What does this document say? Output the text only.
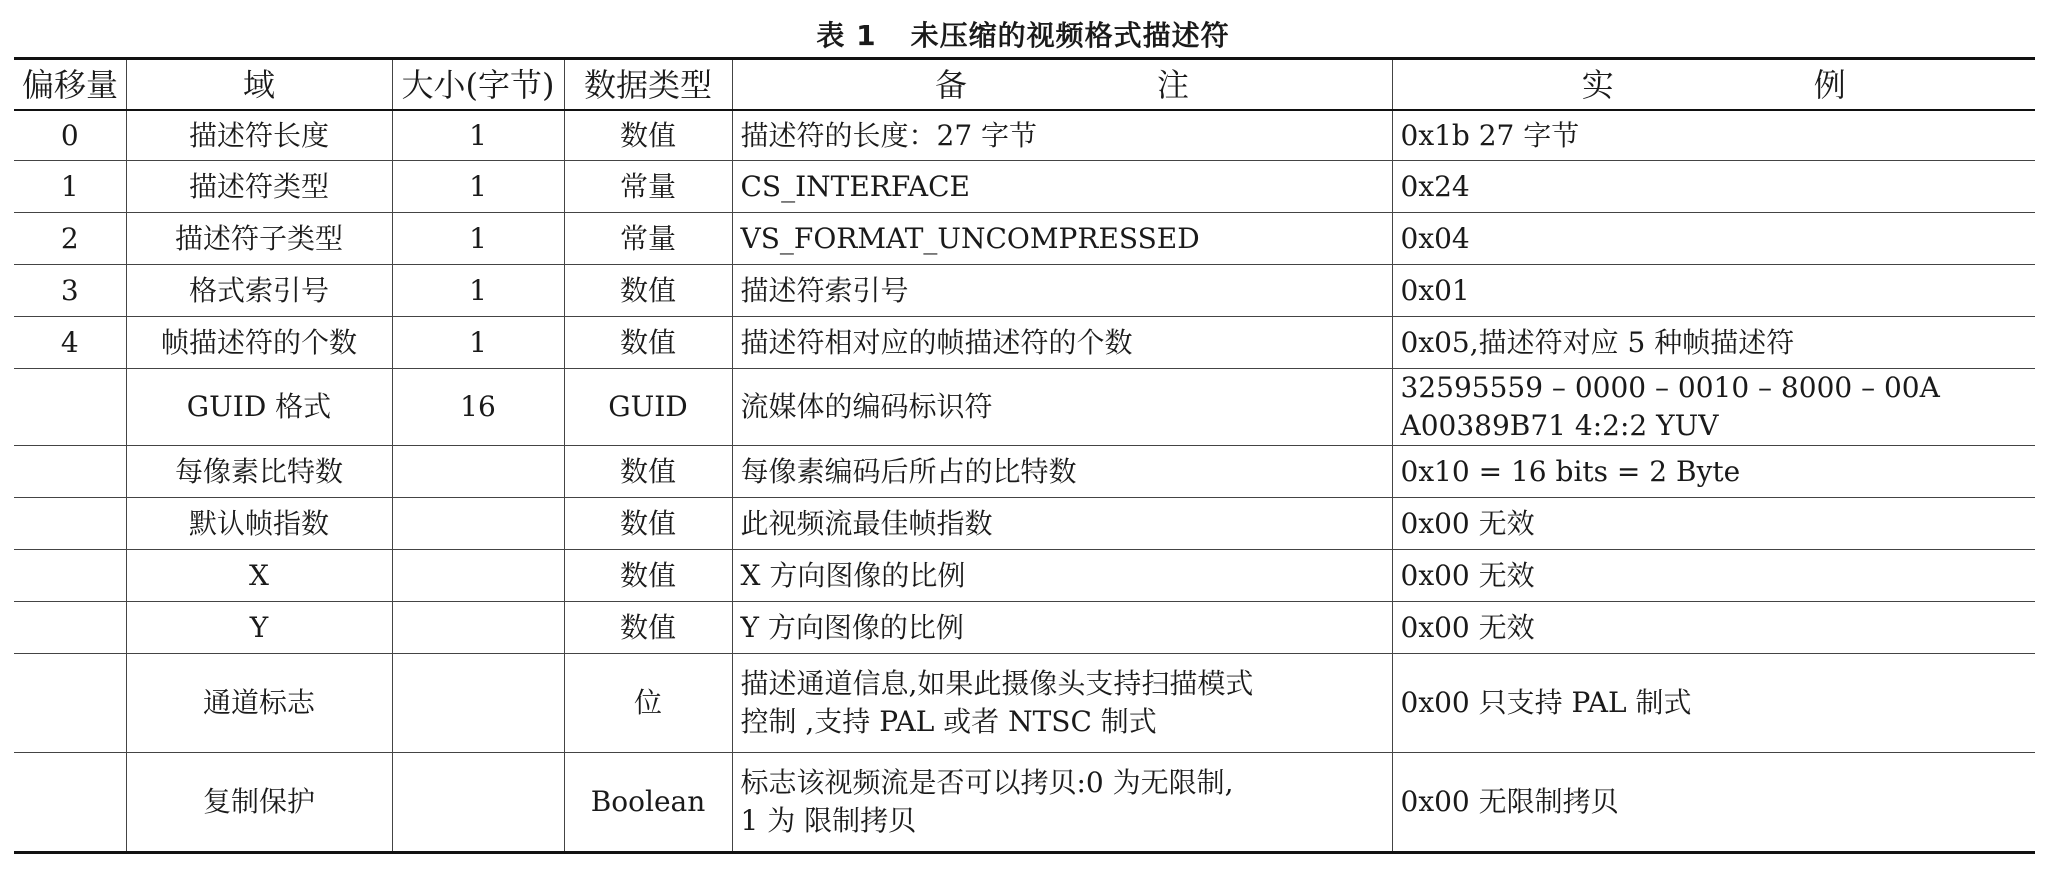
表 1 未压缩的视频格式描述符
偏移量	域	大小(字节)	数据类型	备 注	实 例
0	描述符长度	1	数值	描述符的长度：27 字节	0x1b 27 字节
1	描述符类型	1	常量	CS_INTERFACE	0x24
2	描述符子类型	1	常量	VS_FORMAT_UNCOMPRESSED	0x04
3	格式索引号	1	数值	描述符索引号	0x01
4	帧描述符的个数	1	数值	描述符相对应的帧描述符的个数	0x05,描述符对应 5 种帧描述符
	GUID 格式	16	GUID	流媒体的编码标识符	32595559 – 0000 – 0010 – 8000 – 00A
A00389B71 4:2:2 YUV

	每像素比特数		数值	每像素编码后所占的比特数	0x10 = 16 bits = 2 Byte
	默认帧指数		数值	此视频流最佳帧指数	0x00 无效
	X		数值	X 方向图像的比例	0x00 无效
	Y		数值	Y 方向图像的比例	0x00 无效
	通道标志		位	描述通道信息,如果此摄像头支持扫描模式
控制 ,支持 PAL 或者 NTSC 制式	0x00 只支持 PAL 制式
	复制保护		Boolean	标志该视频流是否可以拷贝:0 为无限制,
1 为 限制拷贝	0x00 无限制拷贝
